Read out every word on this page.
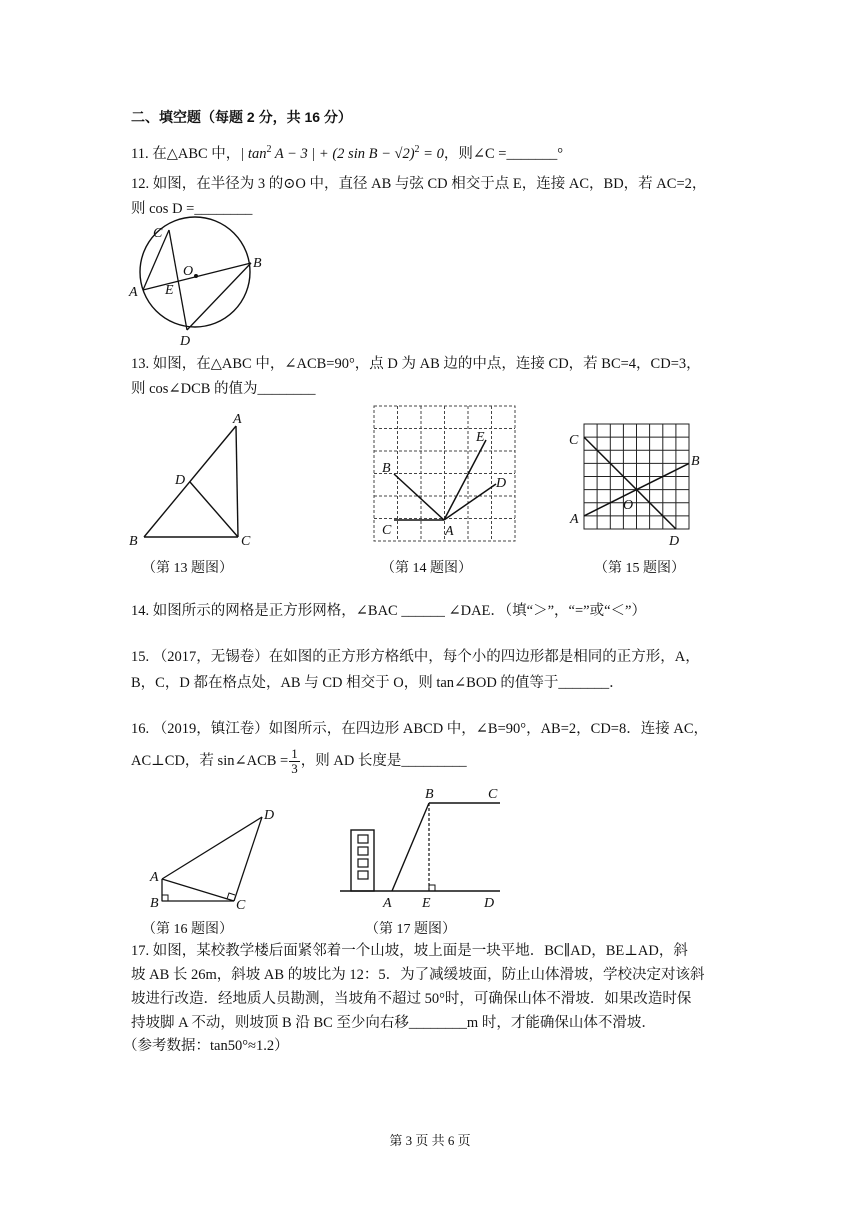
二、填空题（每题 2 分，共 16 分）
11. 在△ABC 中，| $\tan^2 A - 3$ | + (2 sin B − √2)$^2$ = 0，则∠C =_______°
12. 如图，在半径为 3 的⊙O 中，直径 AB 与弦 CD 相交于点 E，连接 AC，BD，若 AC=2，
则 cos D =________
C
B
A E
O
D
13. 如图，在△ABC 中，∠ACB=90°，点 D 为 AB 边的中点，连接 CD，若 BC=4，CD=3，
则 cos∠DCB 的值为________
A
D
B	C
B
C	A
E
D
C
B
A
O
D
（第 13 题图）	（第 14 题图）	（第 15 题图）
14. 如图所示的网格是正方形网格，∠BAC ______ ∠DAE．（填“＞”，“=”或“＜”）
15. （2017，无锡卷）在如图的正方形方格纸中，每个小的四边形都是相同的正方形，A，
B，C，D 都在格点处，AB 与 CD 相交于 O，则 tan∠BOD 的值等于_______．
16. （2019，镇江卷）如图所示，在四边形 ABCD 中，∠B=90°，AB=2，CD=8．连接 AC，
AC⊥CD，若 sin∠ACB = $\frac{1}{3}$ ，则 AD 长度是_________
A
B	C
D
B	C
A E	D
（第 16 题图）	（第 17 题图）
17. 如图，某校教学楼后面紧邻着一个山坡，坡上面是一块平地．BC∥AD，BE⊥AD，斜
坡 AB 长 26m，斜坡 AB 的坡比为 12：5．为了减缓坡面，防止山体滑坡，学校决定对该斜
坡进行改造．经地质人员勘测，当坡角不超过 50°时，可确保山体不滑坡．如果改造时保
持坡脚 A 不动，则坡顶 B 沿 BC 至少向右移________m 时，才能确保山体不滑坡．
（参考数据：tan50°≈1.2）
第 3 页 共 6 页
